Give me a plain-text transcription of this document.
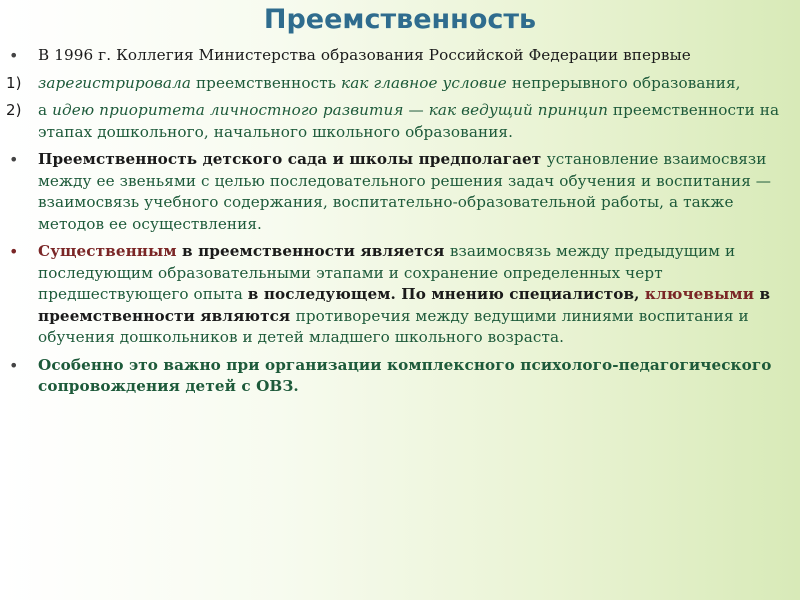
Преемственность
• В 1996 г. Коллегия Министерства образования Российской Федерации впервые
1)	зарегистрировала преемственность как главное условие непрерывного образования,
2)	а идею приоритета личностного развития — как ведущий принцип преемственности на этапах дошкольного, начального школьного образования.
• Преемственность детского сада и школы предполагает установление взаимосвязи между ее звеньями с целью последовательного решения задач обучения и воспитания — взаимосвязь учебного содержания, воспитательно-образовательной работы, а также методов ее осуществления.
• Существенным в преемственности является взаимосвязь между предыдущим и последующим образовательными этапами и сохранение определенных черт предшествующего опыта в последующем. По мнению специалистов, ключевыми в преемственности являются противоречия между ведущими линиями воспитания и обучения дошкольников и детей младшего школьного возраста.
• Особенно это важно при организации комплексного психолого-педагогического сопровождения детей с ОВЗ.
